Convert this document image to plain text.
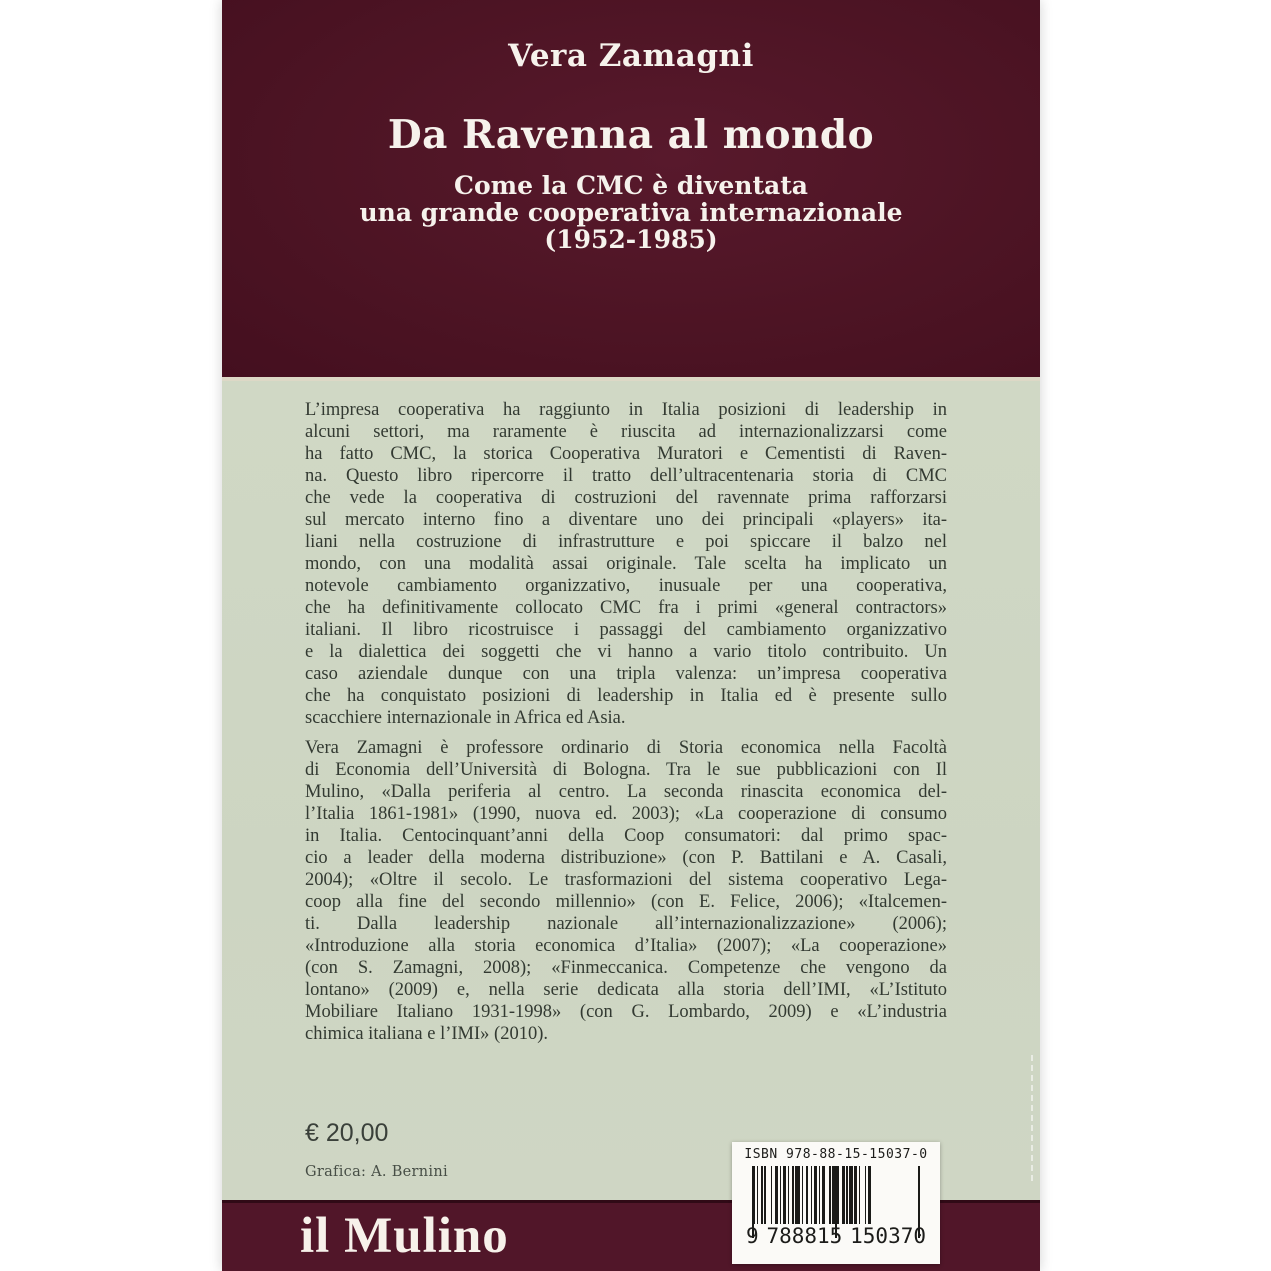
Vera Zamagni
Da Ravenna al mondo
Come la CMC è diventata
una grande cooperativa internazionale
(1952-1985)
L’impresa cooperativa ha raggiunto in Italia posizioni di leadership in
alcuni settori, ma raramente è riuscita ad internazionalizzarsi come
ha fatto CMC, la storica Cooperativa Muratori e Cementisti di Raven-
na. Questo libro ripercorre il tratto dell’ultracentenaria storia di CMC
che vede la cooperativa di costruzioni del ravennate prima rafforzarsi
sul mercato interno fino a diventare uno dei principali «players» ita-
liani nella costruzione di infrastrutture e poi spiccare il balzo nel
mondo, con una modalità assai originale. Tale scelta ha implicato un
notevole cambiamento organizzativo, inusuale per una cooperativa,
che ha definitivamente collocato CMC fra i primi «general contractors»
italiani. Il libro ricostruisce i passaggi del cambiamento organizzativo
e la dialettica dei soggetti che vi hanno a vario titolo contribuito. Un
caso aziendale dunque con una tripla valenza: un’impresa cooperativa
che ha conquistato posizioni di leadership in Italia ed è presente sullo
scacchiere internazionale in Africa ed Asia.
Vera Zamagni è professore ordinario di Storia economica nella Facoltà
di Economia dell’Università di Bologna. Tra le sue pubblicazioni con Il
Mulino, «Dalla periferia al centro. La seconda rinascita economica del-
l’Italia 1861-1981» (1990, nuova ed. 2003); «La cooperazione di consumo
in Italia. Centocinquant’anni della Coop consumatori: dal primo spac-
cio a leader della moderna distribuzione» (con P. Battilani e A. Casali,
2004); «Oltre il secolo. Le trasformazioni del sistema cooperativo Lega-
coop alla fine del secondo millennio» (con E. Felice, 2006); «Italcemen-
ti. Dalla leadership nazionale all’internazionalizzazione» (2006);
«Introduzione alla storia economica d’Italia» (2007); «La cooperazione»
(con S. Zamagni, 2008); «Finmeccanica. Competenze che vengono da
lontano» (2009) e, nella serie dedicata alla storia dell’IMI, «L’Istituto
Mobiliare Italiano 1931-1998» (con G. Lombardo, 2009) e «L’industria
chimica italiana e l’IMI» (2010).
€ 20,00
Grafica: A. Bernini
il Mulino
ISBN 978-88-15-15037-0
9 788815 150370
